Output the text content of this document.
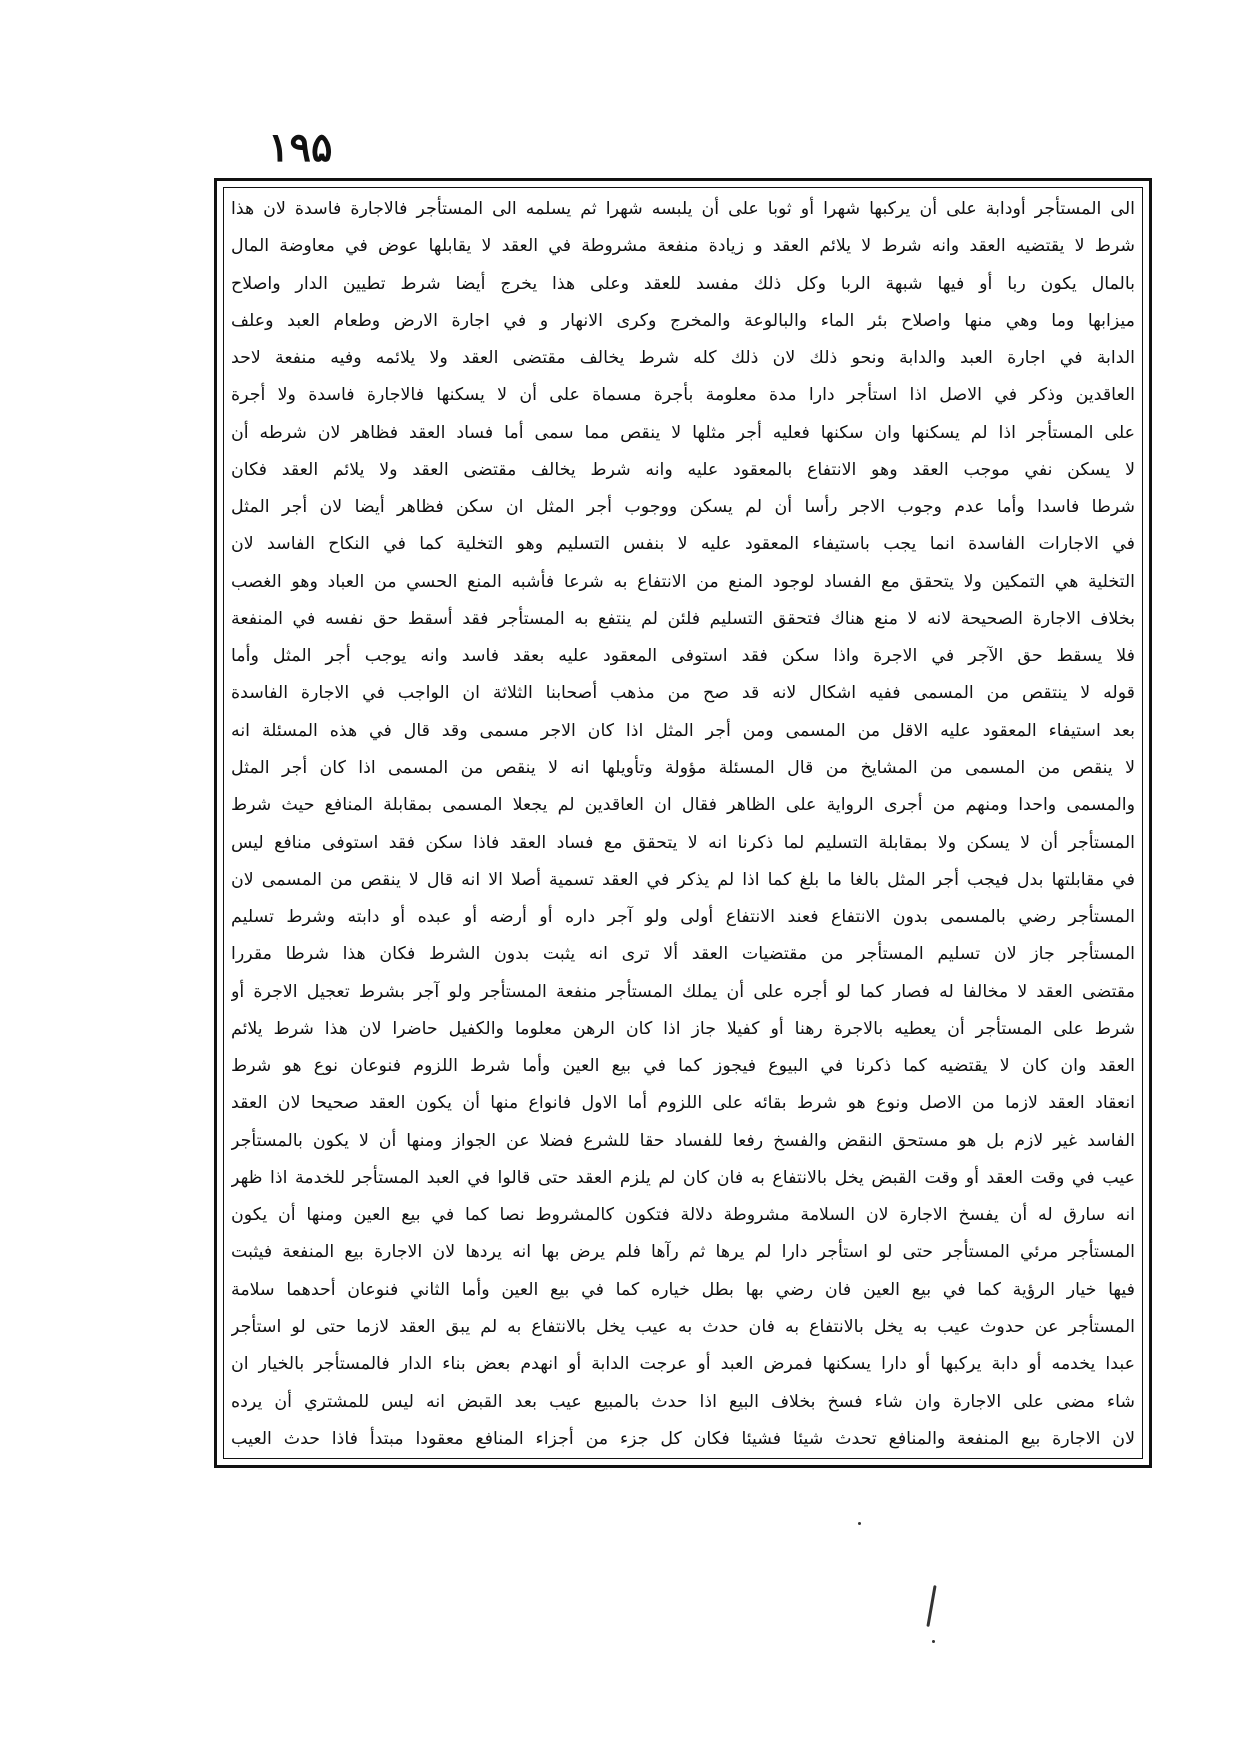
۱۹۵
الى المستأجر أودابة على أن يركبها شهرا أو ثوبا على أن يلبسه شهرا ثم يسلمه الى المستأجر فالاجارة فاسدة لان هذا
شرط لا يقتضيه العقد وانه شرط لا يلائم العقد و زيادة منفعة مشروطة في العقد لا يقابلها عوض في معاوضة المال
بالمال يكون ربا أو فيها شبهة الربا وكل ذلك مفسد للعقد وعلى هذا يخرج أيضا شرط تطيين الدار واصلاح
ميزابها وما وهي منها واصلاح بئر الماء والبالوعة والمخرج وكرى الانهار و في اجارة الارض وطعام العبد وعلف
الدابة في اجارة العبد والدابة ونحو ذلك لان ذلك كله شرط يخالف مقتضى العقد ولا يلائمه وفيه منفعة لاحد
العاقدين وذكر في الاصل اذا استأجر دارا مدة معلومة بأجرة مسماة على أن لا يسكنها فالاجارة فاسدة ولا أجرة
على المستأجر اذا لم يسكنها وان سكنها فعليه أجر مثلها لا ينقص مما سمى أما فساد العقد فظاهر لان شرطه أن
لا يسكن نفي موجب العقد وهو الانتفاع بالمعقود عليه وانه شرط يخالف مقتضى العقد ولا يلائم العقد فكان
شرطا فاسدا وأما عدم وجوب الاجر رأسا أن لم يسكن ووجوب أجر المثل ان سكن فظاهر أيضا لان أجر المثل
في الاجارات الفاسدة انما يجب باستيفاء المعقود عليه لا بنفس التسليم وهو التخلية كما في النكاح الفاسد لان
التخلية هي التمكين ولا يتحقق مع الفساد لوجود المنع من الانتفاع به شرعا فأشبه المنع الحسي من العباد وهو الغصب
بخلاف الاجارة الصحيحة لانه لا منع هناك فتحقق التسليم فلئن لم ينتفع به المستأجر فقد أسقط حق نفسه في المنفعة
فلا يسقط حق الآجر في الاجرة واذا سكن فقد استوفى المعقود عليه بعقد فاسد وانه يوجب أجر المثل وأما
قوله لا ينتقص من المسمى ففيه اشكال لانه قد صح من مذهب أصحابنا الثلاثة ان الواجب في الاجارة الفاسدة
بعد استيفاء المعقود عليه الاقل من المسمى ومن أجر المثل اذا كان الاجر مسمى وقد قال في هذه المسئلة انه
لا ينقص من المسمى من المشايخ من قال المسئلة مؤولة وتأويلها انه لا ينقص من المسمى اذا كان أجر المثل
والمسمى واحدا ومنهم من أجرى الرواية على الظاهر فقال ان العاقدين لم يجعلا المسمى بمقابلة المنافع حيث شرط
المستأجر أن لا يسكن ولا بمقابلة التسليم لما ذكرنا انه لا يتحقق مع فساد العقد فاذا سكن فقد استوفى منافع ليس
في مقابلتها بدل فيجب أجر المثل بالغا ما بلغ كما اذا لم يذكر في العقد تسمية أصلا الا انه قال لا ينقص من المسمى لان
المستأجر رضي بالمسمى بدون الانتفاع فعند الانتفاع أولى ولو آجر داره أو أرضه أو عبده أو دابته وشرط تسليم
المستأجر جاز لان تسليم المستأجر من مقتضيات العقد ألا ترى انه يثبت بدون الشرط فكان هذا شرطا مقررا
مقتضى العقد لا مخالفا له فصار كما لو أجره على أن يملك المستأجر منفعة المستأجر ولو آجر بشرط تعجيل الاجرة أو
شرط على المستأجر أن يعطيه بالاجرة رهنا أو كفيلا جاز اذا كان الرهن معلوما والكفيل حاضرا لان هذا شرط يلائم
العقد وان كان لا يقتضيه كما ذكرنا في البيوع فيجوز كما في بيع العين وأما شرط اللزوم فنوعان نوع هو شرط
انعقاد العقد لازما من الاصل ونوع هو شرط بقائه على اللزوم أما الاول فانواع منها أن يكون العقد صحيحا لان العقد
الفاسد غير لازم بل هو مستحق النقض والفسخ رفعا للفساد حقا للشرع فضلا عن الجواز ومنها أن لا يكون بالمستأجر
عيب في وقت العقد أو وقت القبض يخل بالانتفاع به فان كان لم يلزم العقد حتى قالوا في العبد المستأجر للخدمة اذا ظهر
انه سارق له أن يفسخ الاجارة لان السلامة مشروطة دلالة فتكون كالمشروط نصا كما في بيع العين ومنها أن يكون
المستأجر مرئي المستأجر حتى لو استأجر دارا لم يرها ثم رآها فلم يرض بها انه يردها لان الاجارة بيع المنفعة فيثبت
فيها خيار الرؤية كما في بيع العين فان رضي بها بطل خياره كما في بيع العين وأما الثاني فنوعان أحدهما سلامة
المستأجر عن حدوث عيب به يخل بالانتفاع به فان حدث به عيب يخل بالانتفاع به لم يبق العقد لازما حتى لو استأجر
عبدا يخدمه أو دابة يركبها أو دارا يسكنها فمرض العبد أو عرجت الدابة أو انهدم بعض بناء الدار فالمستأجر بالخيار ان
شاء مضى على الاجارة وان شاء فسخ بخلاف البيع اذا حدث بالمبيع عيب بعد القبض انه ليس للمشتري أن يرده
لان الاجارة بيع المنفعة والمنافع تحدث شيئا فشيئا فكان كل جزء من أجزاء المنافع معقودا مبتدأ فاذا حدث العيب
